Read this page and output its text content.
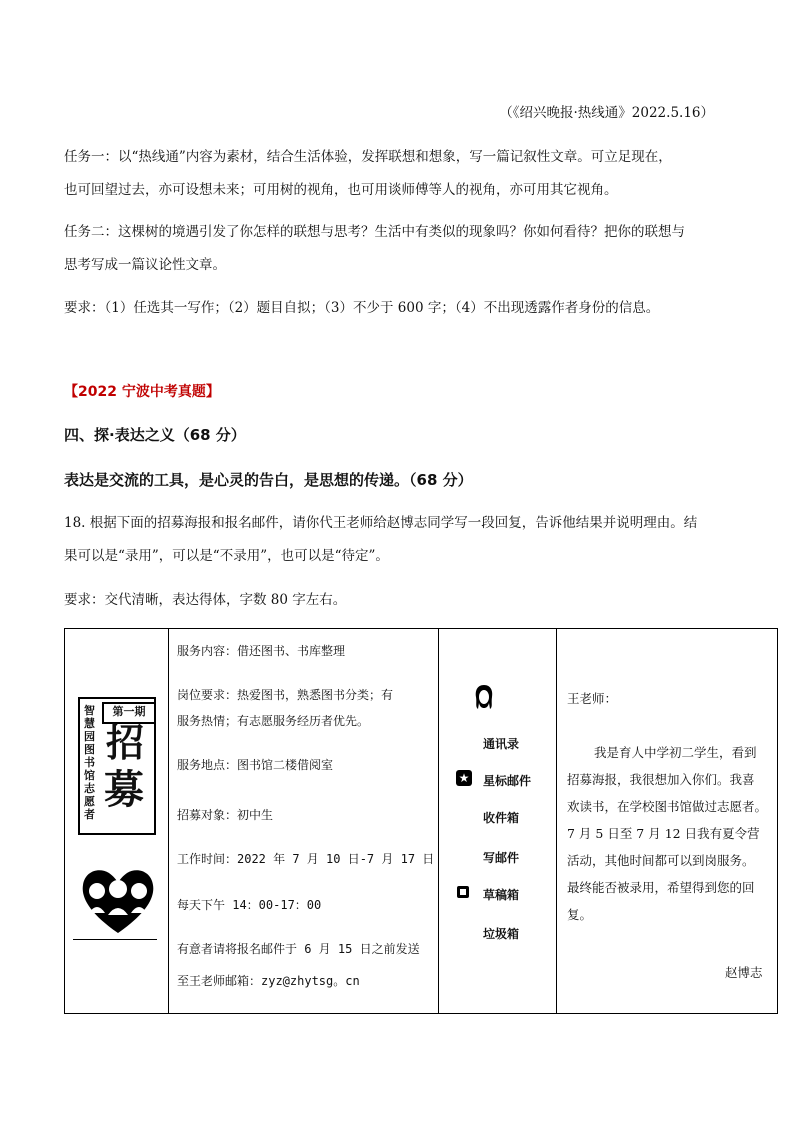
（《绍兴晚报·热线通》2022.5.16）
任务一：以“热线通”内容为素材，结合生活体验，发挥联想和想象，写一篇记叙性文章。可立足现在，
也可回望过去，亦可设想未来；可用树的视角，也可用谈师傅等人的视角，亦可用其它视角。
任务二：这棵树的境遇引发了你怎样的联想与思考？生活中有类似的现象吗？你如何看待？把你的联想与
思考写成一篇议论性文章。
要求：（1）任选其一写作；（2）题目自拟；（3）不少于 600 字；（4）不出现透露作者身份的信息。
【2022 宁波中考真题】
四、探·表达之义（68 分）
表达是交流的工具，是心灵的告白，是思想的传递。（68 分）
18. 根据下面的招募海报和报名邮件，请你代王老师给赵博志同学写一段回复，告诉他结果并说明理由。结
果可以是“录用”，可以是“不录用”，也可以是“待定”。
要求：交代清晰，表达得体，字数 80 字左右。
第一期
智慧园图书馆志愿者
招
募
服务内容：借还图书、书库整理
岗位要求：热爱图书，熟悉图书分类；有
服务热情；有志愿服务经历者优先。
服务地点：图书馆二楼借阅室
招募对象：初中生
工作时间：2022 年 7 月 10 日-7 月 17 日
每天下午 14：00-17：00
有意者请将报名邮件于 6 月 15 日之前发送
至王老师邮箱：zyz@zhytsg。cn
通讯录
★ 星标邮件
收件箱
写邮件
草稿箱
垃圾箱
王老师：
我是育人中学初二学生，看到
招募海报，我很想加入你们。我喜
欢读书，在学校图书馆做过志愿者。
7 月 5 日至 7 月 12 日我有夏令营
活动，其他时间都可以到岗服务。
最终能否被录用，希望得到您的回
复。
赵博志
